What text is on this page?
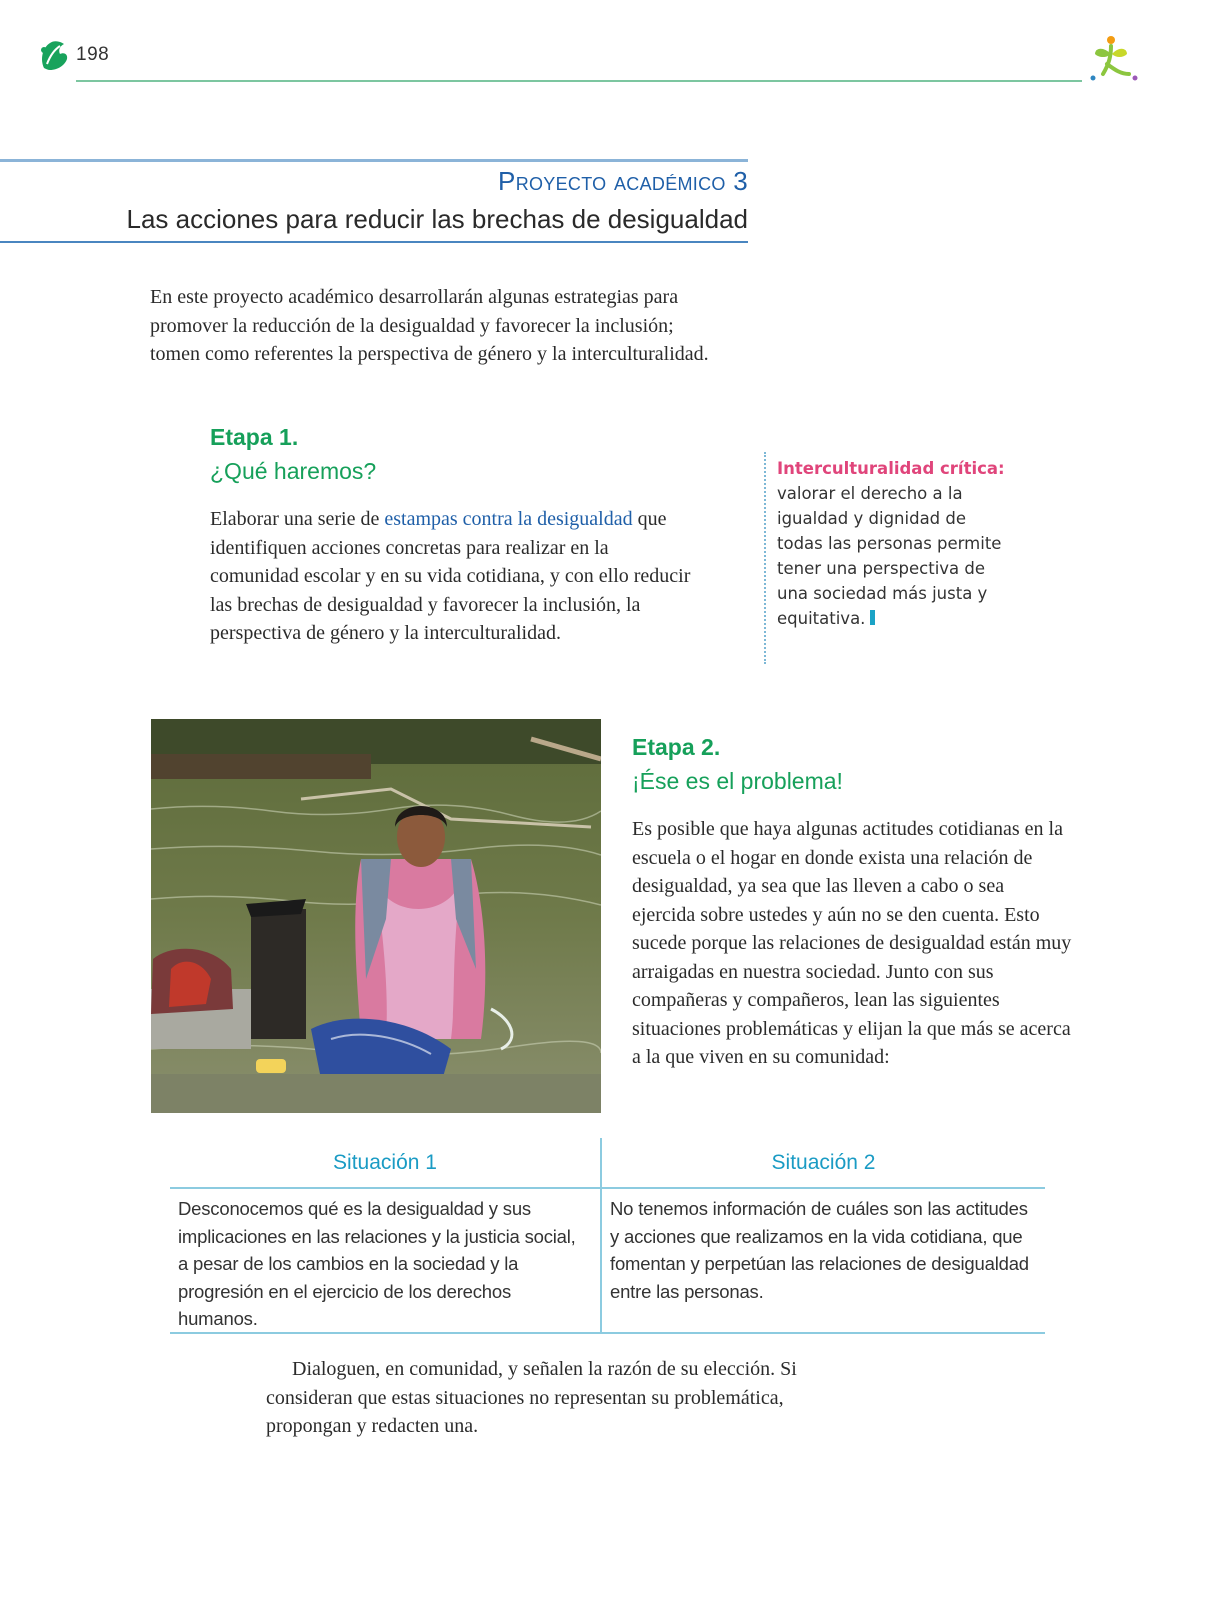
198
Proyecto académico 3
Las acciones para reducir las brechas de desigualdad
En este proyecto académico desarrollarán algunas estrategias para promover la reducción de la desigualdad y favorecer la inclusión; tomen como referentes la perspectiva de género y la interculturalidad.
Etapa 1.
¿Qué haremos?
Elaborar una serie de estampas contra la desigualdad que identifiquen acciones concretas para realizar en la comunidad escolar y en su vida cotidiana, y con ello reducir las brechas de desigualdad y favorecer la inclusión, la perspectiva de género y la interculturalidad.
Interculturalidad crítica:
valorar el derecho a la igualdad y dignidad de todas las personas permite tener una perspectiva de una sociedad más justa y equitativa.
Etapa 2.
¡Ése es el problema!
Es posible que haya algunas actitudes cotidianas en la escuela o el hogar en donde exista una relación de desigualdad, ya sea que las lleven a cabo o sea ejercida sobre ustedes y aún no se den cuenta. Esto sucede porque las relaciones de desigualdad están muy arraigadas en nuestra sociedad. Junto con sus compañeras y compañeros, lean las siguientes situaciones problemáticas y elijan la que más se acerca a la que viven en su comunidad:
Situación 1	Situación 2
Desconocemos qué es la desigualdad y sus implicaciones en las relaciones y la justicia social, a pesar de los cambios en la sociedad y la progresión en el ejercicio de los derechos humanos.
No tenemos información de cuáles son las actitudes y acciones que realizamos en la vida cotidiana, que fomentan y perpetúan las relaciones de desigualdad entre las personas.
Dialoguen, en comunidad, y señalen la razón de su elección. Si consideran que estas situaciones no representan su problemática, propongan y redacten una.
